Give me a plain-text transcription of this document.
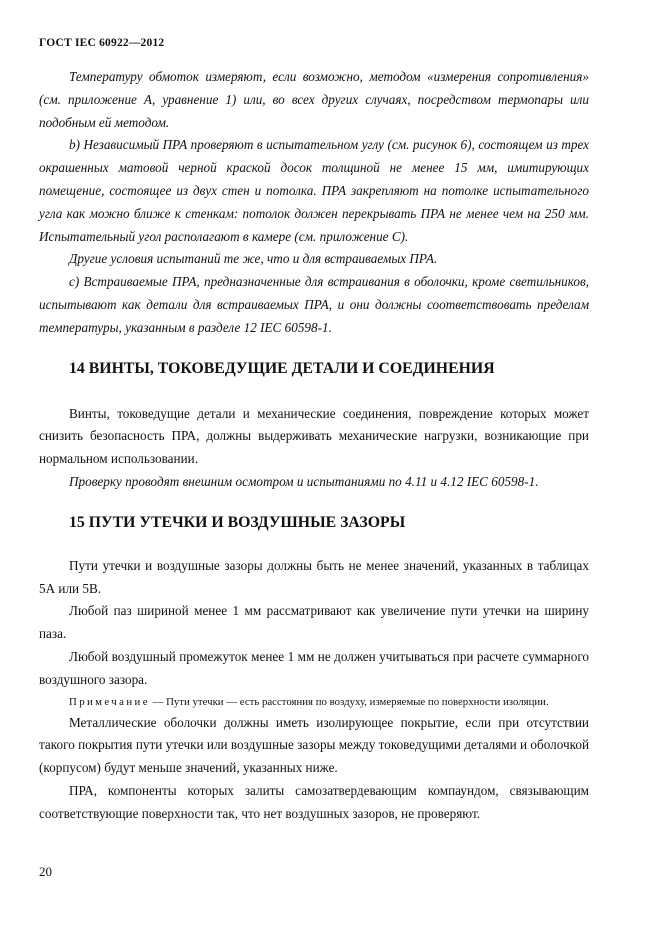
ГОСТ IEC 60922—2012

Температуру обмоток измеряют, если возможно, методом «измерения сопротивления» (см. приложение А, уравнение 1) или, во всех других случаях, посредством термопары или подобным ей методом.

b) Независимый ПРА проверяют в испытательном углу (см. рисунок 6), состоящем из трех окрашенных матовой черной краской досок толщиной не менее 15 мм, имитирующих помещение, состоящее из двух стен и потолка. ПРА закрепляют на потолке испытательного угла как можно ближе к стенкам: потолок должен перекрывать ПРА не менее чем на 250 мм. Испытательный угол располагают в камере (см. приложение С).

Другие условия испытаний те же, что и для встраиваемых ПРА.

c) Встраиваемые ПРА, предназначенные для встраивания в оболочки, кроме светильников, испытывают как детали для встраиваемых ПРА, и они должны соответствовать пределам температуры, указанным в разделе 12 IEC 60598-1.

14 ВИНТЫ, ТОКОВЕДУЩИЕ ДЕТАЛИ И СОЕДИНЕНИЯ

Винты, токоведущие детали и механические соединения, повреждение которых может снизить безопасность ПРА, должны выдерживать механические нагрузки, возникающие при нормальном использовании.

Проверку проводят внешним осмотром и испытаниями по 4.11 и 4.12 IEC 60598-1.

15 ПУТИ УТЕЧКИ И ВОЗДУШНЫЕ ЗАЗОРЫ

Пути утечки и воздушные зазоры должны быть не менее значений, указанных в таблицах 5А или 5В.

Любой паз шириной менее 1 мм рассматривают как увеличение пути утечки на ширину паза.

Любой воздушный промежуток менее 1 мм не должен учитываться при расчете суммарного воздушного зазора.

Примечание — Пути утечки — есть расстояния по воздуху, измеряемые по поверхности изоляции.

Металлические оболочки должны иметь изолирующее покрытие, если при отсутствии такого покрытия пути утечки или воздушные зазоры между токоведущими деталями и оболочкой (корпусом) будут меньше значений, указанных ниже.

ПРА, компоненты которых залиты самозатвердевающим компаундом, связывающим соответствующие поверхности так, что нет воздушных зазоров, не проверяют.

20
